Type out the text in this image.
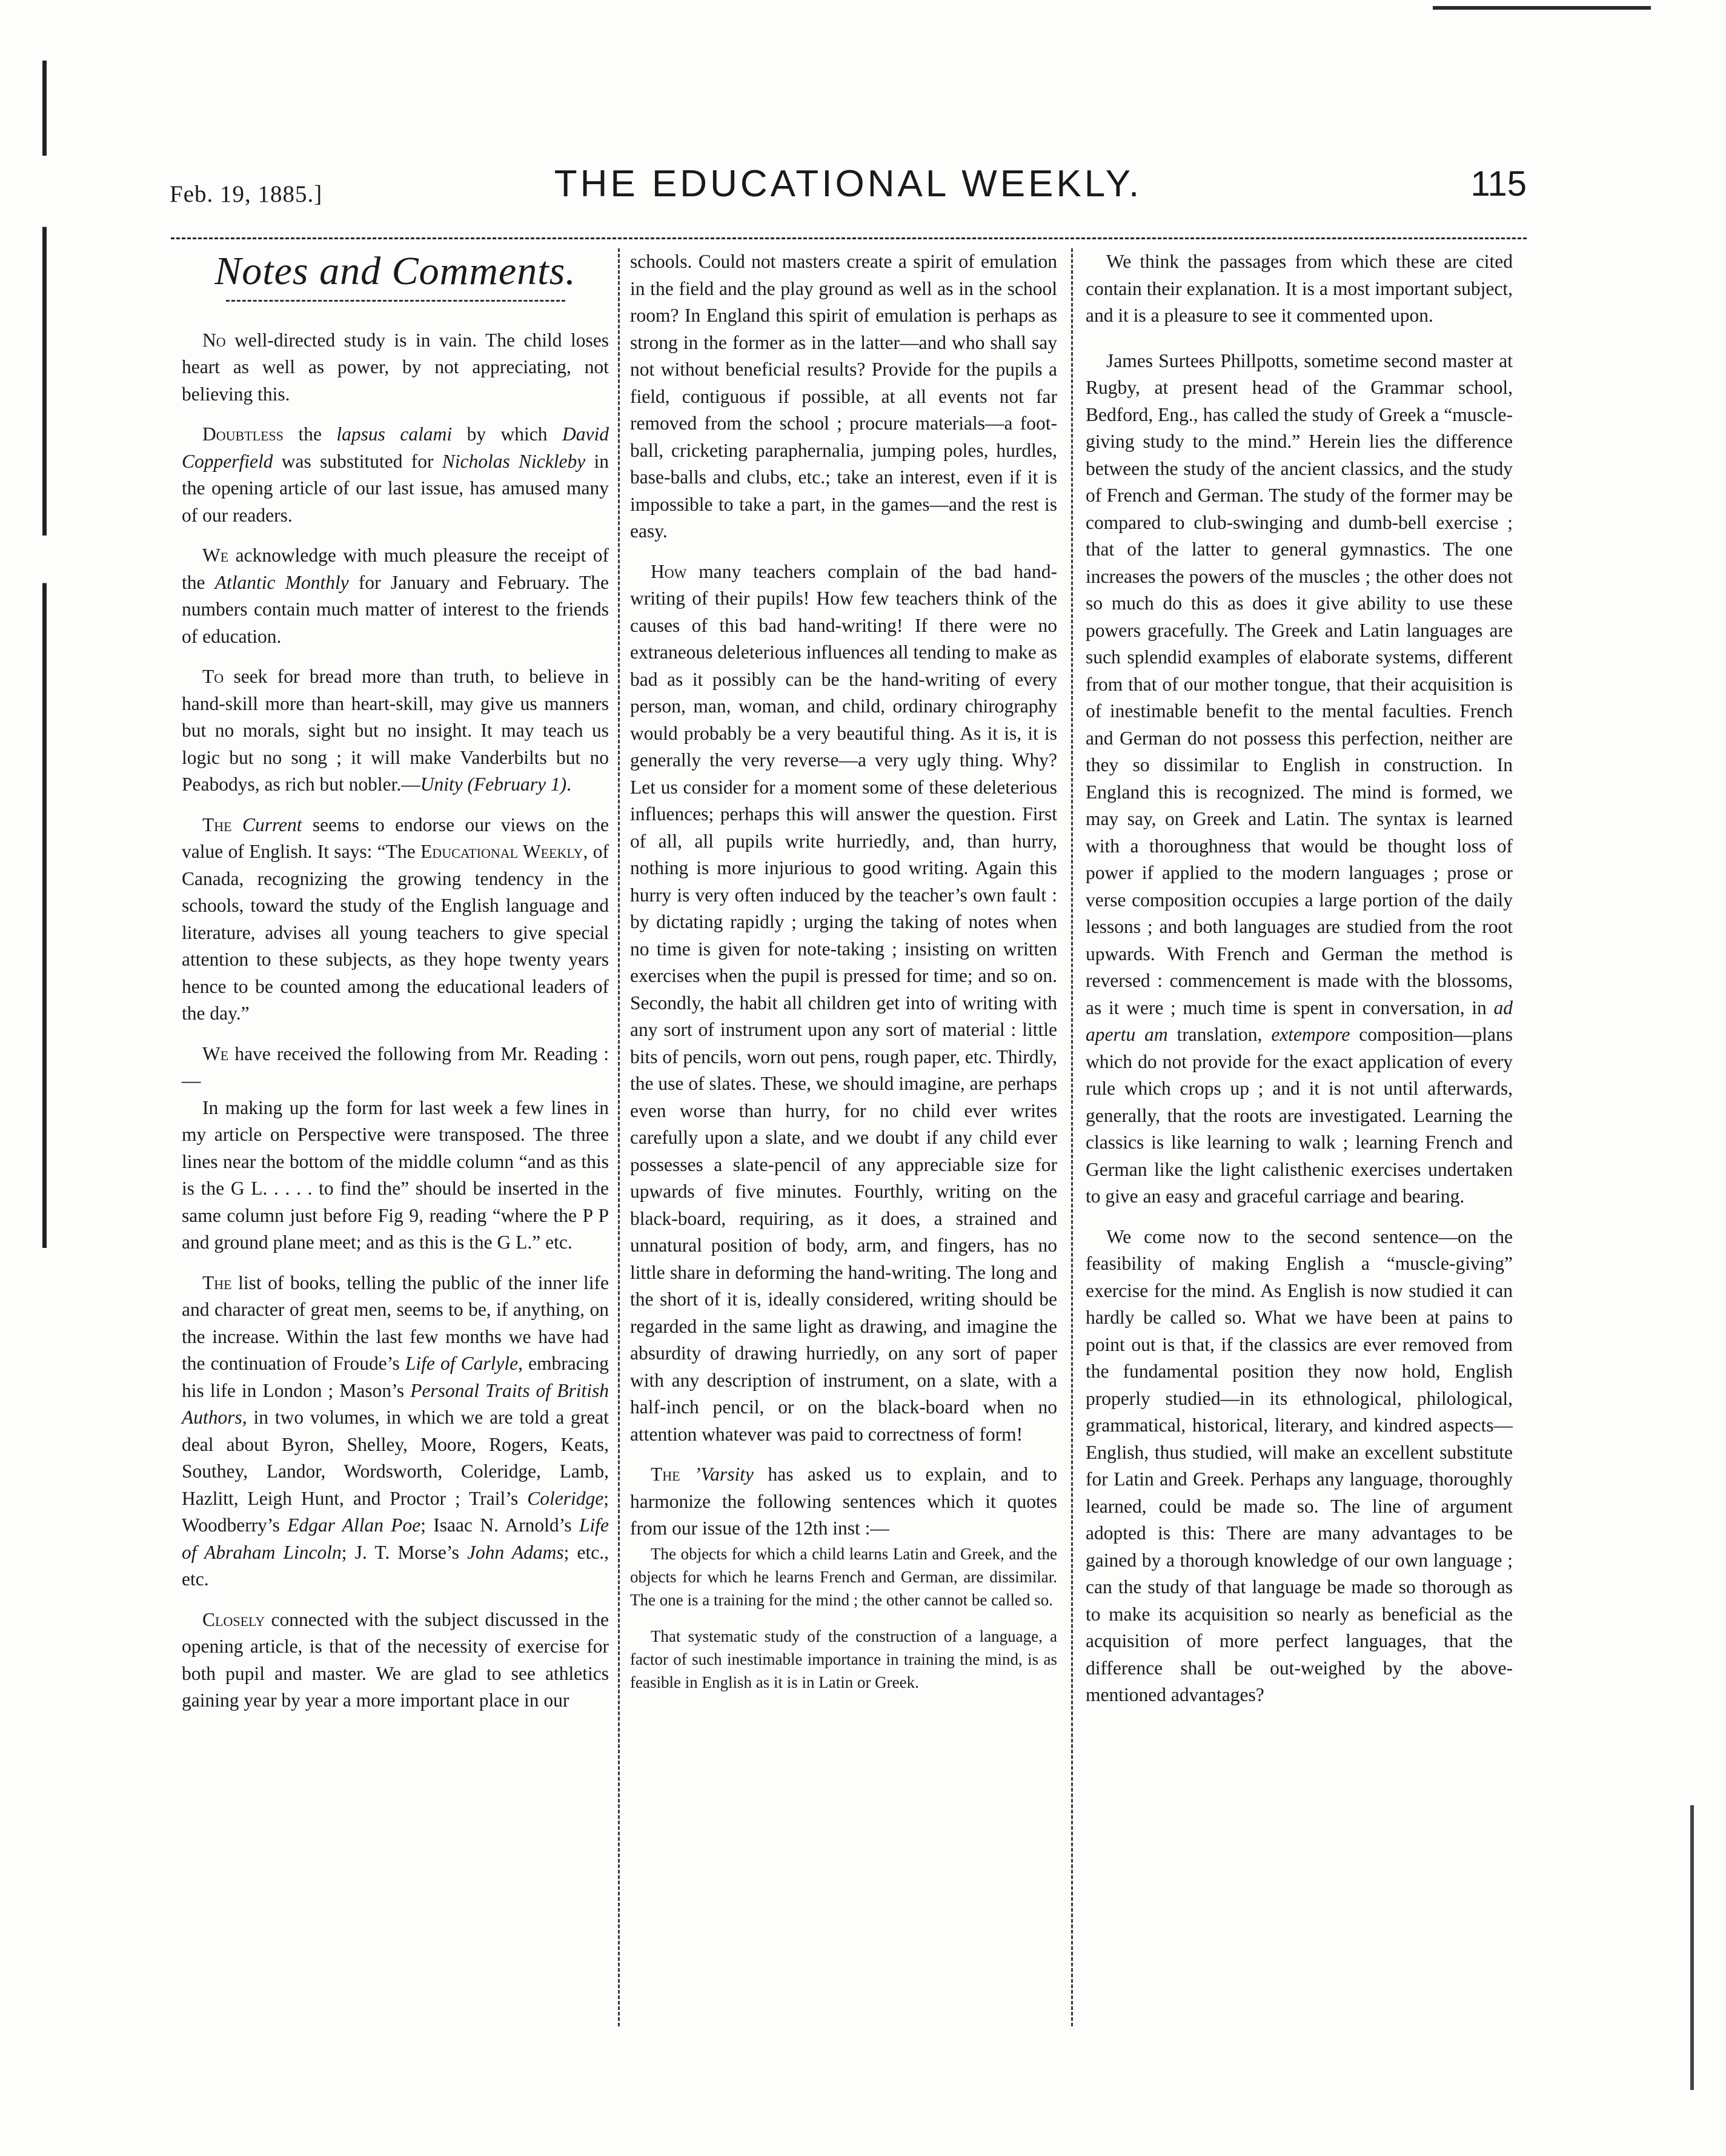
Feb. 19, 1885.]	THE EDUCATIONAL WEEKLY.	115
Notes and Comments.

No well-directed study is in vain. The child loses heart as well as power, by not appreciating, not believing this.

Doubtless the lapsus calami by which David Copperfield was substituted for Nicholas Nickleby in the opening article of our last issue, has amused many of our readers.

We acknowledge with much pleasure the receipt of the Atlantic Monthly for January and February. The numbers contain much matter of interest to the friends of education.

To seek for bread more than truth, to believe in hand-skill more than heart-skill, may give us manners but no morals, sight but no insight. It may teach us logic but no song ; it will make Vanderbilts but no Peabodys, as rich but nobler.—Unity (February 1).

The Current seems to endorse our views on the value of English. It says: “The Educational Weekly, of Canada, recognizing the growing tendency in the schools, toward the study of the English language and literature, advises all young teachers to give special attention to these subjects, as they hope twenty years hence to be counted among the educational leaders of the day.”

We have received the following from Mr. Reading :—

In making up the form for last week a few lines in my article on Perspective were transposed. The three lines near the bottom of the middle column “and as this is the G L. . . . . to find the” should be inserted in the same column just before Fig 9, reading “where the P P and ground plane meet; and as this is the G L.” etc.

The list of books, telling the public of the inner life and character of great men, seems to be, if anything, on the increase. Within the last few months we have had the continuation of Froude’s Life of Carlyle, embracing his life in London ; Mason’s Personal Traits of British Authors, in two volumes, in which we are told a great deal about Byron, Shelley, Moore, Rogers, Keats, Southey, Landor, Wordsworth, Coleridge, Lamb, Hazlitt, Leigh Hunt, and Proctor ; Trail’s Coleridge; Woodberry’s Edgar Allan Poe; Isaac N. Arnold’s Life of Abraham Lincoln; J. T. Morse’s John Adams; etc., etc.

Closely connected with the subject discussed in the opening article, is that of the necessity of exercise for both pupil and master. We are glad to see athletics gaining year by year a more important place in our

schools. Could not masters create a spirit of emulation in the field and the play ground as well as in the school room? In England this spirit of emulation is perhaps as strong in the former as in the latter—and who shall say not without beneficial results? Provide for the pupils a field, contiguous if possible, at all events not far removed from the school ; procure materials—a foot-ball, cricketing paraphernalia, jumping poles, hurdles, base-balls and clubs, etc.; take an interest, even if it is impossible to take a part, in the games—and the rest is easy.

How many teachers complain of the bad hand-writing of their pupils! How few teachers think of the causes of this bad hand-writing! If there were no extraneous deleterious influences all tending to make as bad as it possibly can be the hand-writing of every person, man, woman, and child, ordinary chirography would probably be a very beautiful thing. As it is, it is generally the very reverse—a very ugly thing. Why? Let us consider for a moment some of these deleterious influences; perhaps this will answer the question. First of all, all pupils write hurriedly, and, than hurry, nothing is more injurious to good writing. Again this hurry is very often induced by the teacher’s own fault : by dictating rapidly ; urging the taking of notes when no time is given for note-taking ; insisting on written exercises when the pupil is pressed for time; and so on. Secondly, the habit all children get into of writing with any sort of instrument upon any sort of material : little bits of pencils, worn out pens, rough paper, etc. Thirdly, the use of slates. These, we should imagine, are perhaps even worse than hurry, for no child ever writes carefully upon a slate, and we doubt if any child ever possesses a slate-pencil of any appreciable size for upwards of five minutes. Fourthly, writing on the black-board, requiring, as it does, a strained and unnatural position of body, arm, and fingers, has no little share in deforming the hand-writing. The long and the short of it is, ideally considered, writing should be regarded in the same light as drawing, and imagine the absurdity of drawing hurriedly, on any sort of paper with any description of instrument, on a slate, with a half-inch pencil, or on the black-board when no attention whatever was paid to correctness of form!

The ’Varsity has asked us to explain, and to harmonize the following sentences which it quotes from our issue of the 12th inst :—

The objects for which a child learns Latin and Greek, and the objects for which he learns French and German, are dissimilar. The one is a training for the mind ; the other cannot be called so.

That systematic study of the construction of a language, a factor of such inestimable importance in training the mind, is as feasible in English as it is in Latin or Greek.

We think the passages from which these are cited contain their explanation. It is a most important subject, and it is a pleasure to see it commented upon.

James Surtees Phillpotts, sometime second master at Rugby, at present head of the Grammar school, Bedford, Eng., has called the study of Greek a “muscle-giving study to the mind.” Herein lies the difference between the study of the ancient classics, and the study of French and German. The study of the former may be compared to club-swinging and dumb-bell exercise ; that of the latter to general gymnastics. The one increases the powers of the muscles ; the other does not so much do this as does it give ability to use these powers gracefully. The Greek and Latin languages are such splendid examples of elaborate systems, different from that of our mother tongue, that their acquisition is of inestimable benefit to the mental faculties. French and German do not possess this perfection, neither are they so dissimilar to English in construction. In England this is recognized. The mind is formed, we may say, on Greek and Latin. The syntax is learned with a thoroughness that would be thought loss of power if applied to the modern languages ; prose or verse composition occupies a large portion of the daily lessons ; and both languages are studied from the root upwards. With French and German the method is reversed : commencement is made with the blossoms, as it were ; much time is spent in conversation, in ad apertu am translation, extempore composition—plans which do not provide for the exact application of every rule which crops up ; and it is not until afterwards, generally, that the roots are investigated. Learning the classics is like learning to walk ; learning French and German like the light calisthenic exercises undertaken to give an easy and graceful carriage and bearing.

We come now to the second sentence—on the feasibility of making English a “muscle-giving” exercise for the mind. As English is now studied it can hardly be called so. What we have been at pains to point out is that, if the classics are ever removed from the fundamental position they now hold, English properly studied—in its ethnological, philological, grammatical, historical, literary, and kindred aspects—English, thus studied, will make an excellent substitute for Latin and Greek. Perhaps any language, thoroughly learned, could be made so. The line of argument adopted is this: There are many advantages to be gained by a thorough knowledge of our own language ; can the study of that language be made so thorough as to make its acquisition so nearly as beneficial as the acquisition of more perfect languages, that the difference shall be out-weighed by the above-mentioned advantages?
